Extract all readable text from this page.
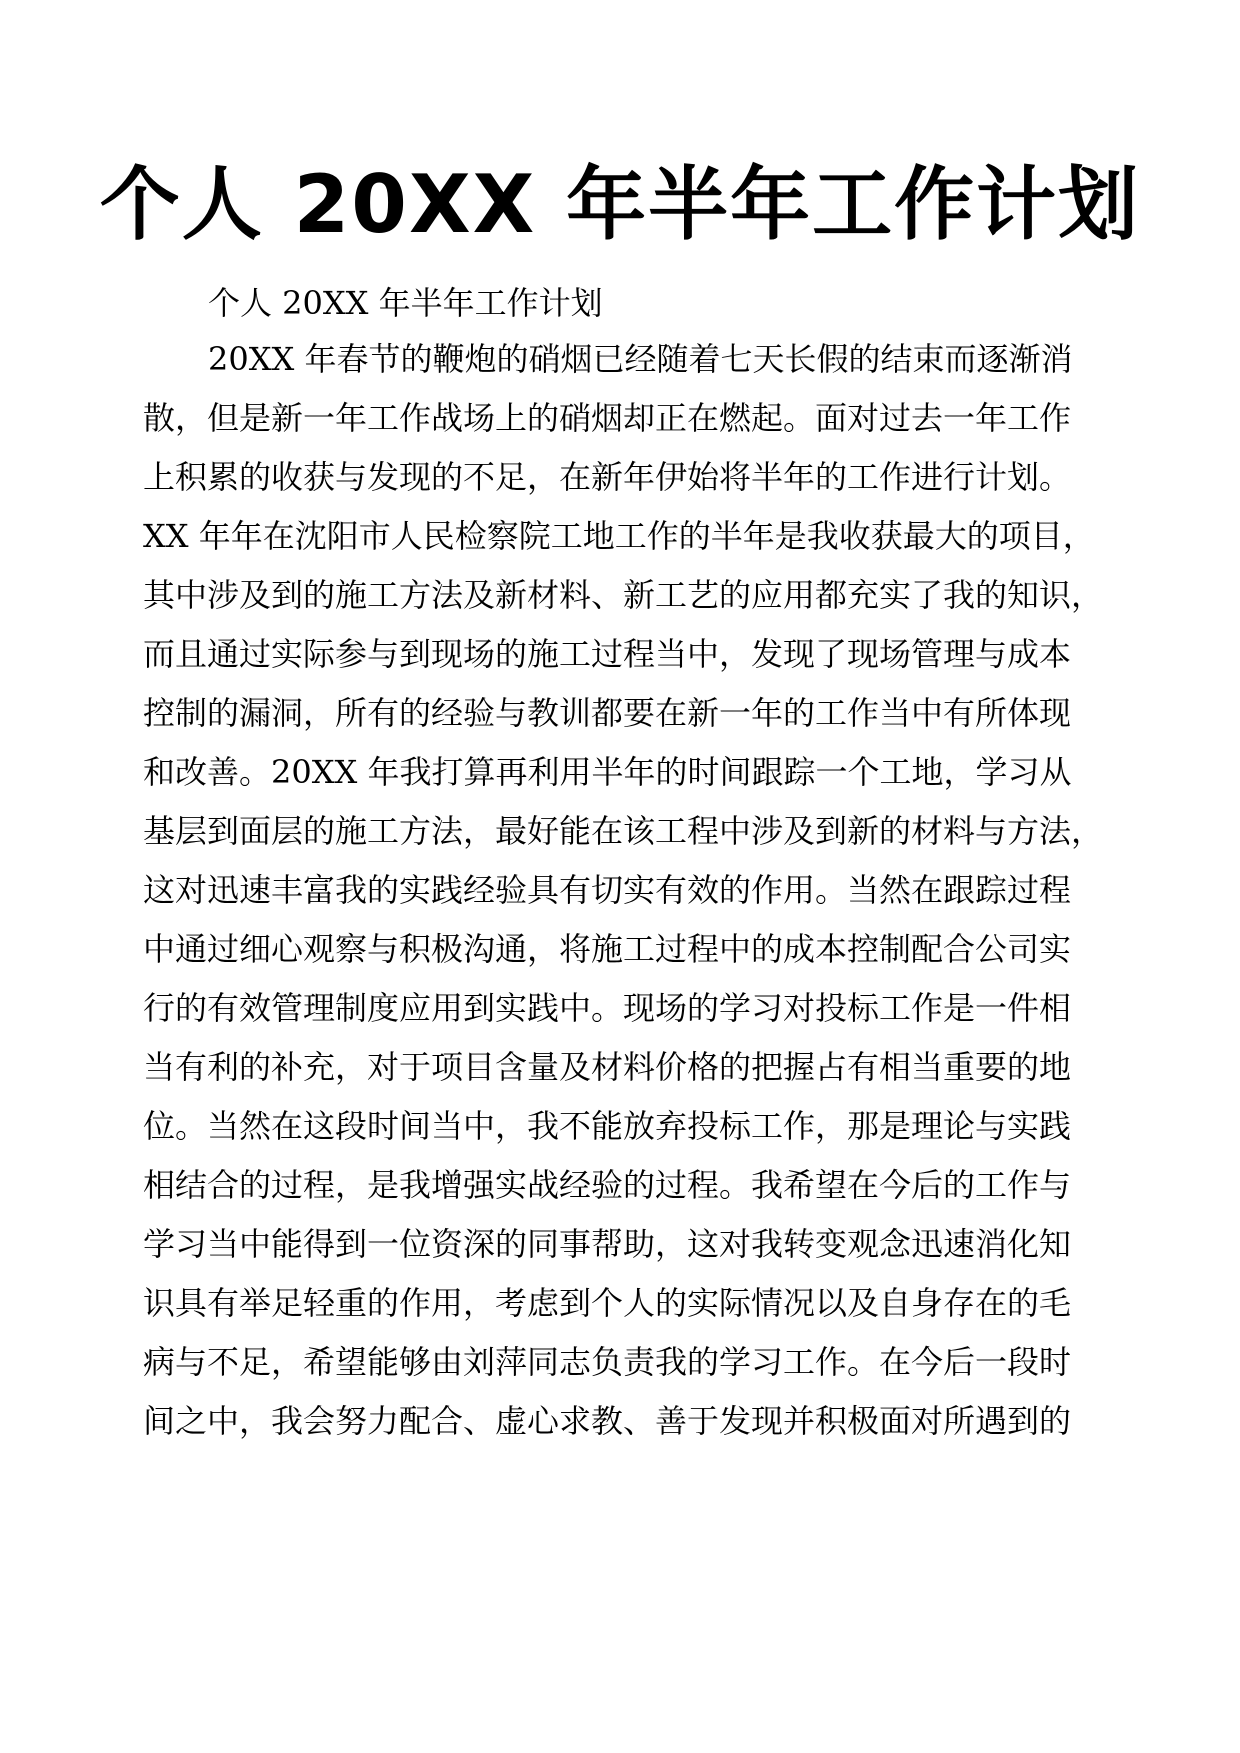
个人 20XX 年半年工作计划

个人 20XX 年半年工作计划

20XX 年春节的鞭炮的硝烟已经随着七天长假的结束而逐渐消

散，但是新一年工作战场上的硝烟却正在燃起。面对过去一年工作

上积累的收获与发现的不足，在新年伊始将半年的工作进行计划。

XX 年年在沈阳市人民检察院工地工作的半年是我收获最大的项目，

其中涉及到的施工方法及新材料、新工艺的应用都充实了我的知识，

而且通过实际参与到现场的施工过程当中，发现了现场管理与成本

控制的漏洞，所有的经验与教训都要在新一年的工作当中有所体现

和改善。20XX 年我打算再利用半年的时间跟踪一个工地，学习从

基层到面层的施工方法，最好能在该工程中涉及到新的材料与方法，

这对迅速丰富我的实践经验具有切实有效的作用。当然在跟踪过程

中通过细心观察与积极沟通，将施工过程中的成本控制配合公司实

行的有效管理制度应用到实践中。现场的学习对投标工作是一件相

当有利的补充，对于项目含量及材料价格的把握占有相当重要的地

位。当然在这段时间当中，我不能放弃投标工作，那是理论与实践

相结合的过程，是我增强实战经验的过程。我希望在今后的工作与

学习当中能得到一位资深的同事帮助，这对我转变观念迅速消化知

识具有举足轻重的作用，考虑到个人的实际情况以及自身存在的毛

病与不足，希望能够由刘萍同志负责我的学习工作。在今后一段时

间之中，我会努力配合、虚心求教、善于发现并积极面对所遇到的
